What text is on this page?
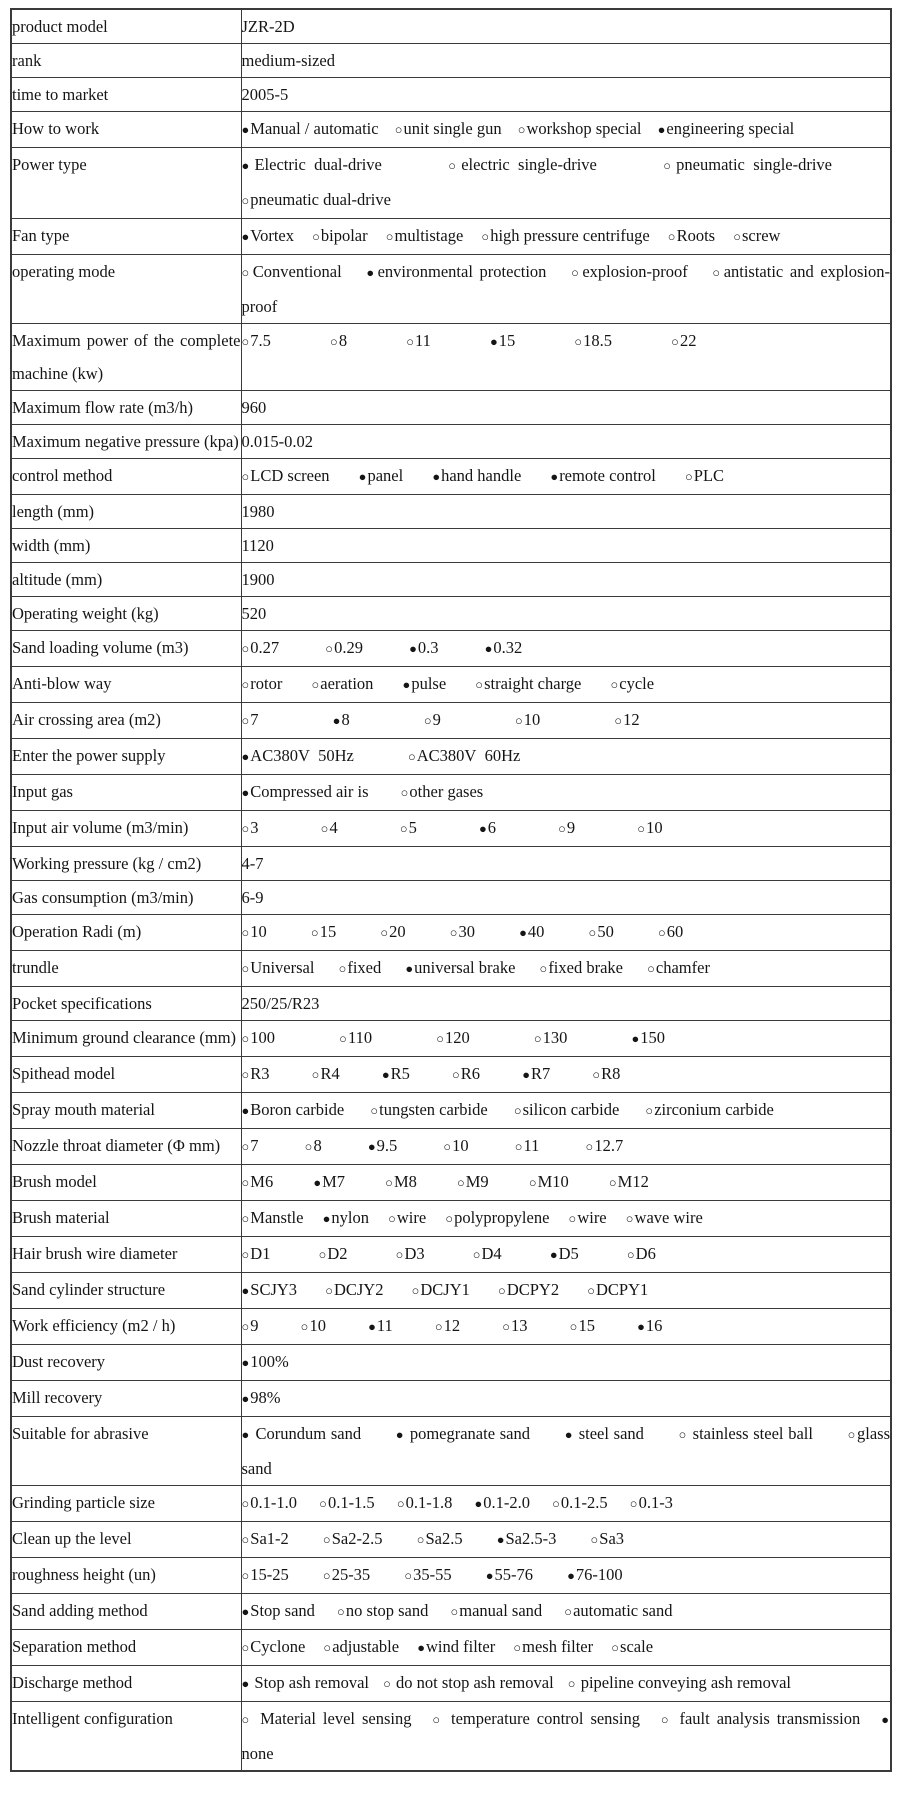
product model	JZR-2D
rank	medium-sized
time to market	2005-5
How to work	●Manual / automatic ○unit single gun ○workshop special ●engineering special
Power type	●Electric dual-drive ○electric single-drive ○pneumatic single-drive ○pneumatic dual-drive
Fan type	●Vortex ○bipolar ○multistage ○high pressure centrifuge ○Roots ○screw
operating mode	○Conventional ●environmental protection ○explosion-proof ○antistatic and explosion-proof
Maximum power of the complete machine (kw)	○7.5 ○8 ○11 ●15 ○18.5 ○22
Maximum flow rate (m3/h)	960
Maximum negative pressure (kpa)	0.015-0.02
control method	○LCD screen ●panel ●hand handle ●remote control ○PLC
length (mm)	1980
width (mm)	1120
altitude (mm)	1900
Operating weight (kg)	520
Sand loading volume (m3)	○0.27 ○0.29 ●0.3 ●0.32
Anti-blow way	○rotor ○aeration ●pulse ○straight charge ○cycle
Air crossing area (m2)	○7 ●8 ○9 ○10 ○12
Enter the power supply	●AC380V  50Hz ○AC380V  60Hz
Input gas	●Compressed air is ○other gases
Input air volume (m3/min)	○3 ○4 ○5 ●6 ○9 ○10
Working pressure (kg / cm2)	4-7
Gas consumption (m3/min)	6-9
Operation Radi (m)	○10 ○15 ○20 ○30 ●40 ○50 ○60
trundle	○Universal ○fixed ●universal brake ○fixed brake ○chamfer
Pocket specifications	250/25/R23
Minimum ground clearance (mm)	○100 ○110 ○120 ○130 ●150
Spithead model	○R3 ○R4 ●R5 ○R6 ●R7 ○R8
Spray mouth material	●Boron carbide ○tungsten carbide ○silicon carbide ○zirconium carbide
Nozzle throat diameter (Φ mm)	○7 ○8 ●9.5 ○10 ○11 ○12.7
Brush model	○M6 ●M7 ○M8 ○M9 ○M10 ○M12
Brush material	○Manstle ●nylon ○wire ○polypropylene ○wire ○wave wire
Hair brush wire diameter	○D1 ○D2 ○D3 ○D4 ●D5 ○D6
Sand cylinder structure	●SCJY3 ○DCJY2 ○DCJY1 ○DCPY2 ○DCPY1
Work efficiency (m2 / h)	○9 ○10 ●11 ○12 ○13 ○15 ●16
Dust recovery	●100%
Mill recovery	●98%
Suitable for abrasive	● Corundum sand ● pomegranate sand ● steel sand ○ stainless steel ball ○glass sand
Grinding particle size	○0.1-1.0 ○0.1-1.5 ○0.1-1.8 ●0.1-2.0 ○0.1-2.5 ○0.1-3
Clean up the level	○Sa1-2 ○Sa2-2.5 ○Sa2.5 ●Sa2.5-3 ○Sa3
roughness height (un)	○15-25 ○25-35 ○35-55 ●55-76 ●76-100
Sand adding method	●Stop sand ○no stop sand ○manual sand ○automatic sand
Separation method	○Cyclone ○adjustable ●wind filter ○mesh filter ○scale
Discharge method	● Stop ash removal ○ do not stop ash removal ○ pipeline conveying ash removal
Intelligent configuration	○ Material level sensing ○ temperature control sensing ○ fault analysis transmission ● none
